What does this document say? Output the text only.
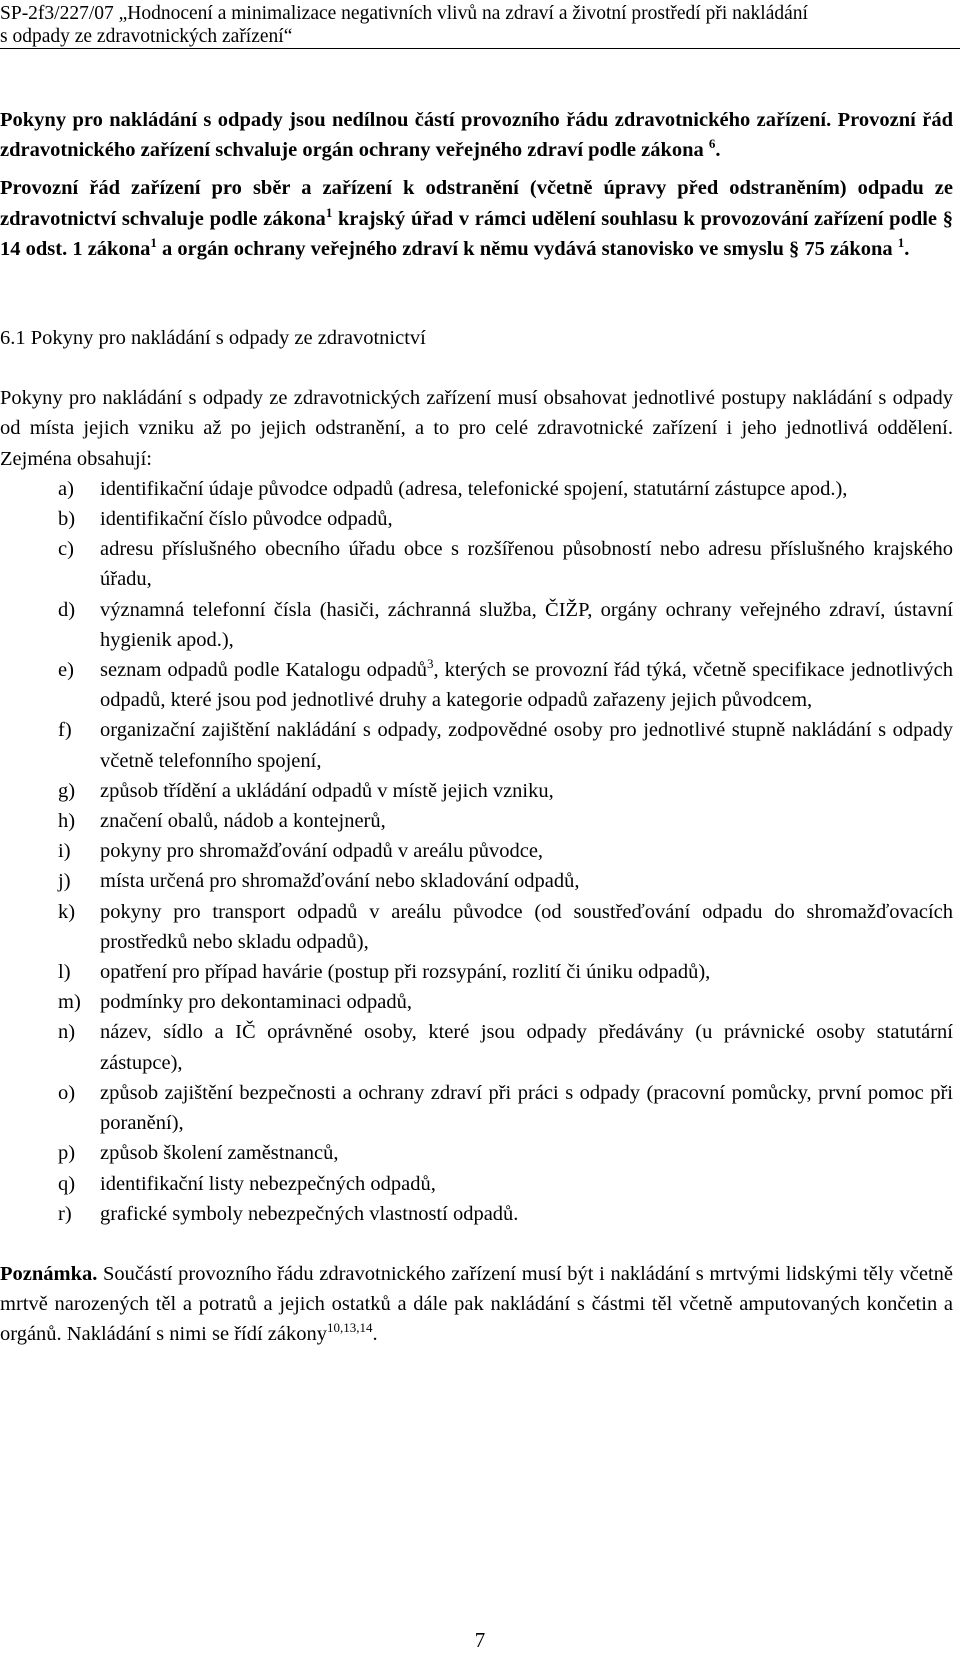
SP-2f3/227/07 „Hodnocení a minimalizace negativních vlivů na zdraví a životní prostředí při nakládání
s odpady ze zdravotnických zařízení“

Pokyny pro nakládání s odpady jsou nedílnou částí provozního řádu zdravotnického zařízení. Provozní řád zdravotnického zařízení schvaluje orgán ochrany veřejného zdraví podle zákona $^6$.

Provozní řád zařízení pro sběr a zařízení k odstranění (včetně úpravy před odstraněním) odpadu ze zdravotnictví schvaluje podle zákona$^1$ krajský úřad v rámci udělení souhlasu k provozování zařízení podle § 14 odst. 1 zákona$^1$ a orgán ochrany veřejného zdraví k němu vydává stanovisko ve smyslu § 75 zákona $^1$.

6.1 Pokyny pro nakládání s odpady ze zdravotnictví

Pokyny pro nakládání s odpady ze zdravotnických zařízení musí obsahovat jednotlivé postupy nakládání s odpady od místa jejich vzniku až po jejich odstranění, a to pro celé zdravotnické zařízení i jeho jednotlivá oddělení. Zejména obsahují:

a) identifikační údaje původce odpadů (adresa, telefonické spojení, statutární zástupce apod.),
b) identifikační číslo původce odpadů,
c) adresu příslušného obecního úřadu obce s rozšířenou působností nebo adresu příslušného krajského úřadu,
d) významná telefonní čísla (hasiči, záchranná služba, ČIŽP, orgány ochrany veřejného zdraví, ústavní hygienik apod.),
e) seznam odpadů podle Katalogu odpadů$^3$, kterých se provozní řád týká, včetně specifikace jednotlivých odpadů, které jsou pod jednotlivé druhy a kategorie odpadů zařazeny jejich původcem,
f) organizační zajištění nakládání s odpady, zodpovědné osoby pro jednotlivé stupně nakládání s odpady včetně telefonního spojení,
g) způsob třídění a ukládání odpadů v místě jejich vzniku,
h) značení obalů, nádob a kontejnerů,
i) pokyny pro shromažďování odpadů v areálu původce,
j) místa určená pro shromažďování nebo skladování odpadů,
k) pokyny pro transport odpadů v areálu původce (od soustřeďování odpadu do shromažďovacích prostředků nebo skladu odpadů),
l) opatření pro případ havárie (postup při rozsypání, rozlití či úniku odpadů),
m) podmínky pro dekontaminaci odpadů,
n) název, sídlo a IČ oprávněné osoby, které jsou odpady předávány (u právnické osoby statutární zástupce),
o) způsob zajištění bezpečnosti a ochrany zdraví při práci s odpady (pracovní pomůcky, první pomoc při poranění),
p) způsob školení zaměstnanců,
q) identifikační listy nebezpečných odpadů,
r) grafické symboly nebezpečných vlastností odpadů.

Poznámka. Součástí provozního řádu zdravotnického zařízení musí být i nakládání s mrtvými lidskými těly včetně mrtvě narozených těl a potratů a jejich ostatků a dále pak nakládání s částmi těl včetně amputovaných končetin a orgánů. Nakládání s nimi se řídí zákony$^{10,13,14}$.

7
